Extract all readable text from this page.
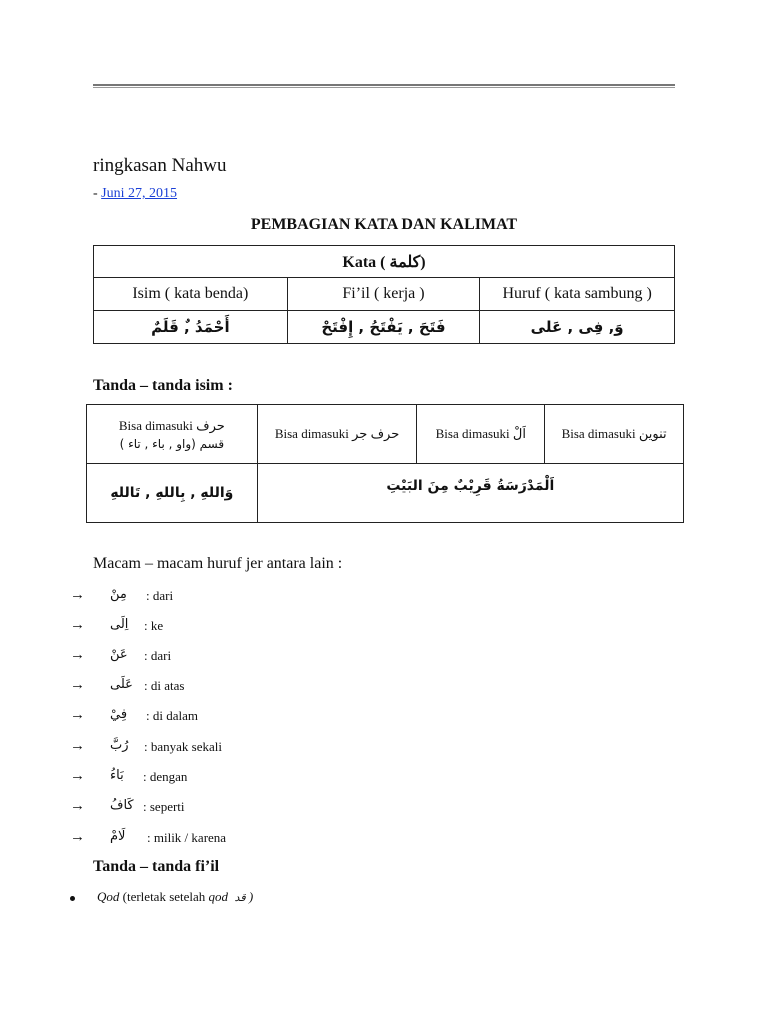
ringkasan Nahwu
- Juni 27, 2015
PEMBAGIAN KATA DAN KALIMAT
Kata ( كلمة)		
Isim ( kata benda)	Fi’il ( kerja )	Huruf ( kata sambung )
أَحْمَدُ ,ٌ قَلَمٌ	فَتَحَ , يَفْتَحُ , إِفْتَحْ	وَ, فِى , عَلى
Tanda – tanda isim :
Bisa dimasuki حرف
قسم (واو , باء , تاء )	Bisa dimasuki حرف جر	Bisa dimasuki اَلْ	Bisa dimasuki تنوين
وَاللهِ , بِاللهِ , تَاللهِ	اَلْمَدْرَسَةُ قَرِيْبٌ مِنَ البَيْتِ		
Macam – macam huruf jer antara lain :
→ مِنْ : dari
→ اِلَى : ke
→ عَنْ : dari
→ عَلَى : di atas
→ فِيْ : di dalam
→ رُبَّ : banyak sekali
→ بَاءُ : dengan
→ كَافُ : seperti
→ لَامْ : milik / karena
Tanda – tanda fi’il
Qod (terletak setelah qod قد )
